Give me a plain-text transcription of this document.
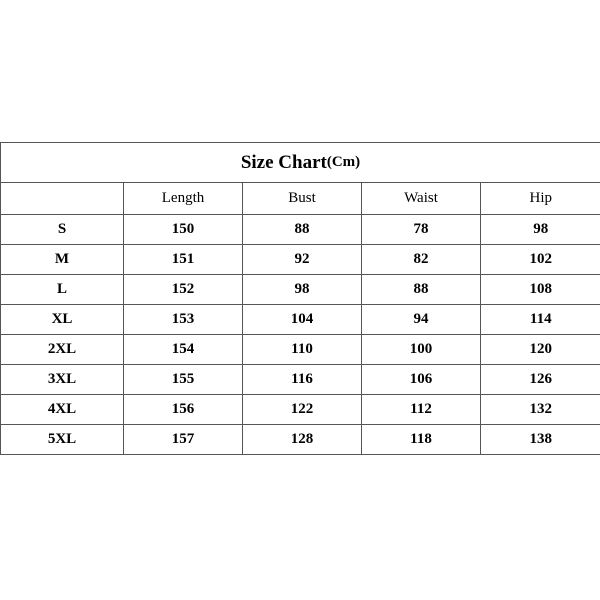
Size Chart (Cm)
	Length	Bust	Waist	Hip
S	150	88	78	98
M	151	92	82	102
L	152	98	88	108
XL	153	104	94	114
2XL	154	110	100	120
3XL	155	116	106	126
4XL	156	122	112	132
5XL	157	128	118	138
